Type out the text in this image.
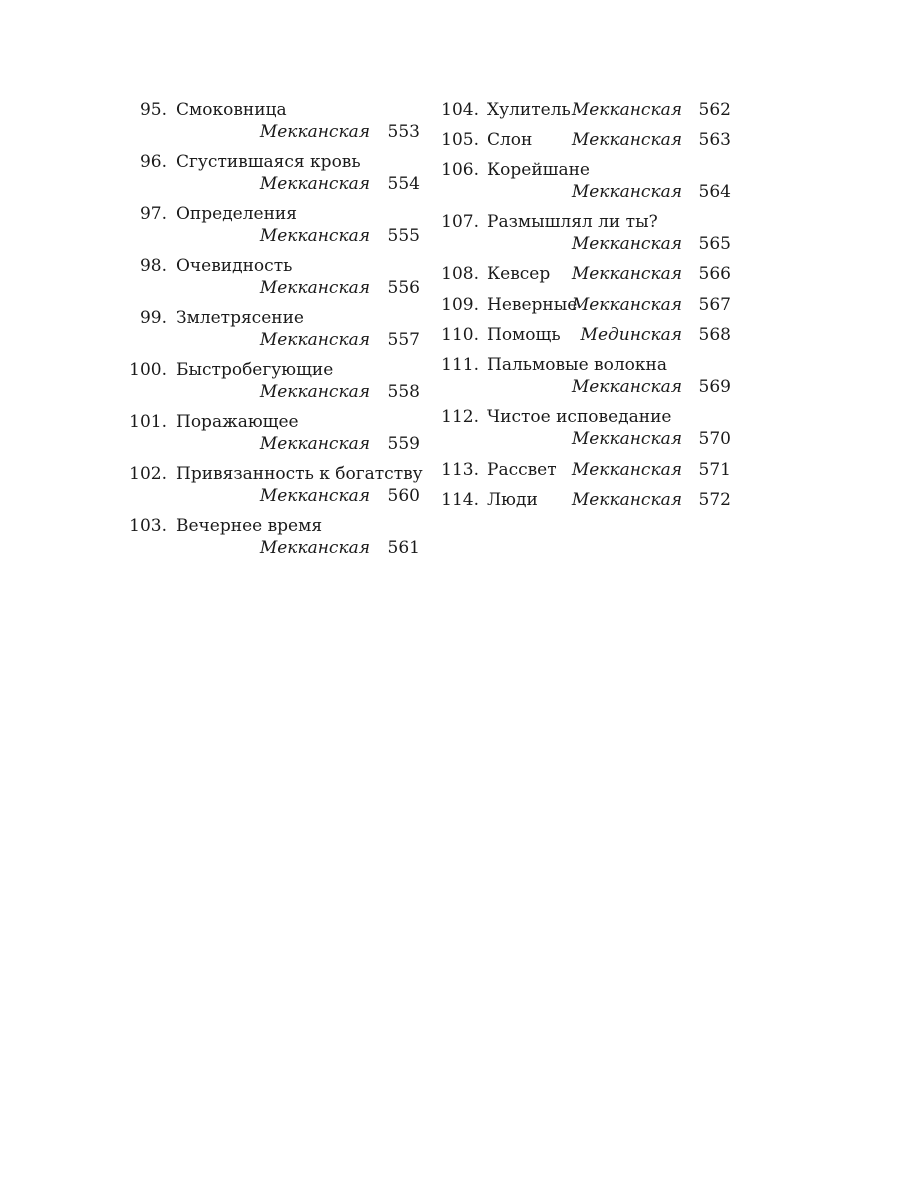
95. Смоковница
Мекканская	553
96. Сгустившаяся кровь
Мекканская	554
97. Определения
Мекканская	555
98. Очевидность
Мекканская	556
99. Змлетрясение
Мекканская	557
100. Быстробегующие
Мекканская	558
101. Поражающее
Мекканская	559
102. Привязанность к богатству
Мекканская	560
103. Вечернее время
Мекканская	561
104. Хулитель Мекканская 562
105. Слон	Мекканская 563
106. Корейшане
Мекканская 564
107. Размышлял ли ты?
Мекканская 565
108. Кевсер	Мекканская 566
109. Неверные
Мекканская 567
110. Помощь	Мединская 568
111. Пальмовые волокна
Мекканская 569
112. Чистое исповедание
Мекканская 570
113. Рассвет Мекканская 571
114. Люди	Мекканская 572
